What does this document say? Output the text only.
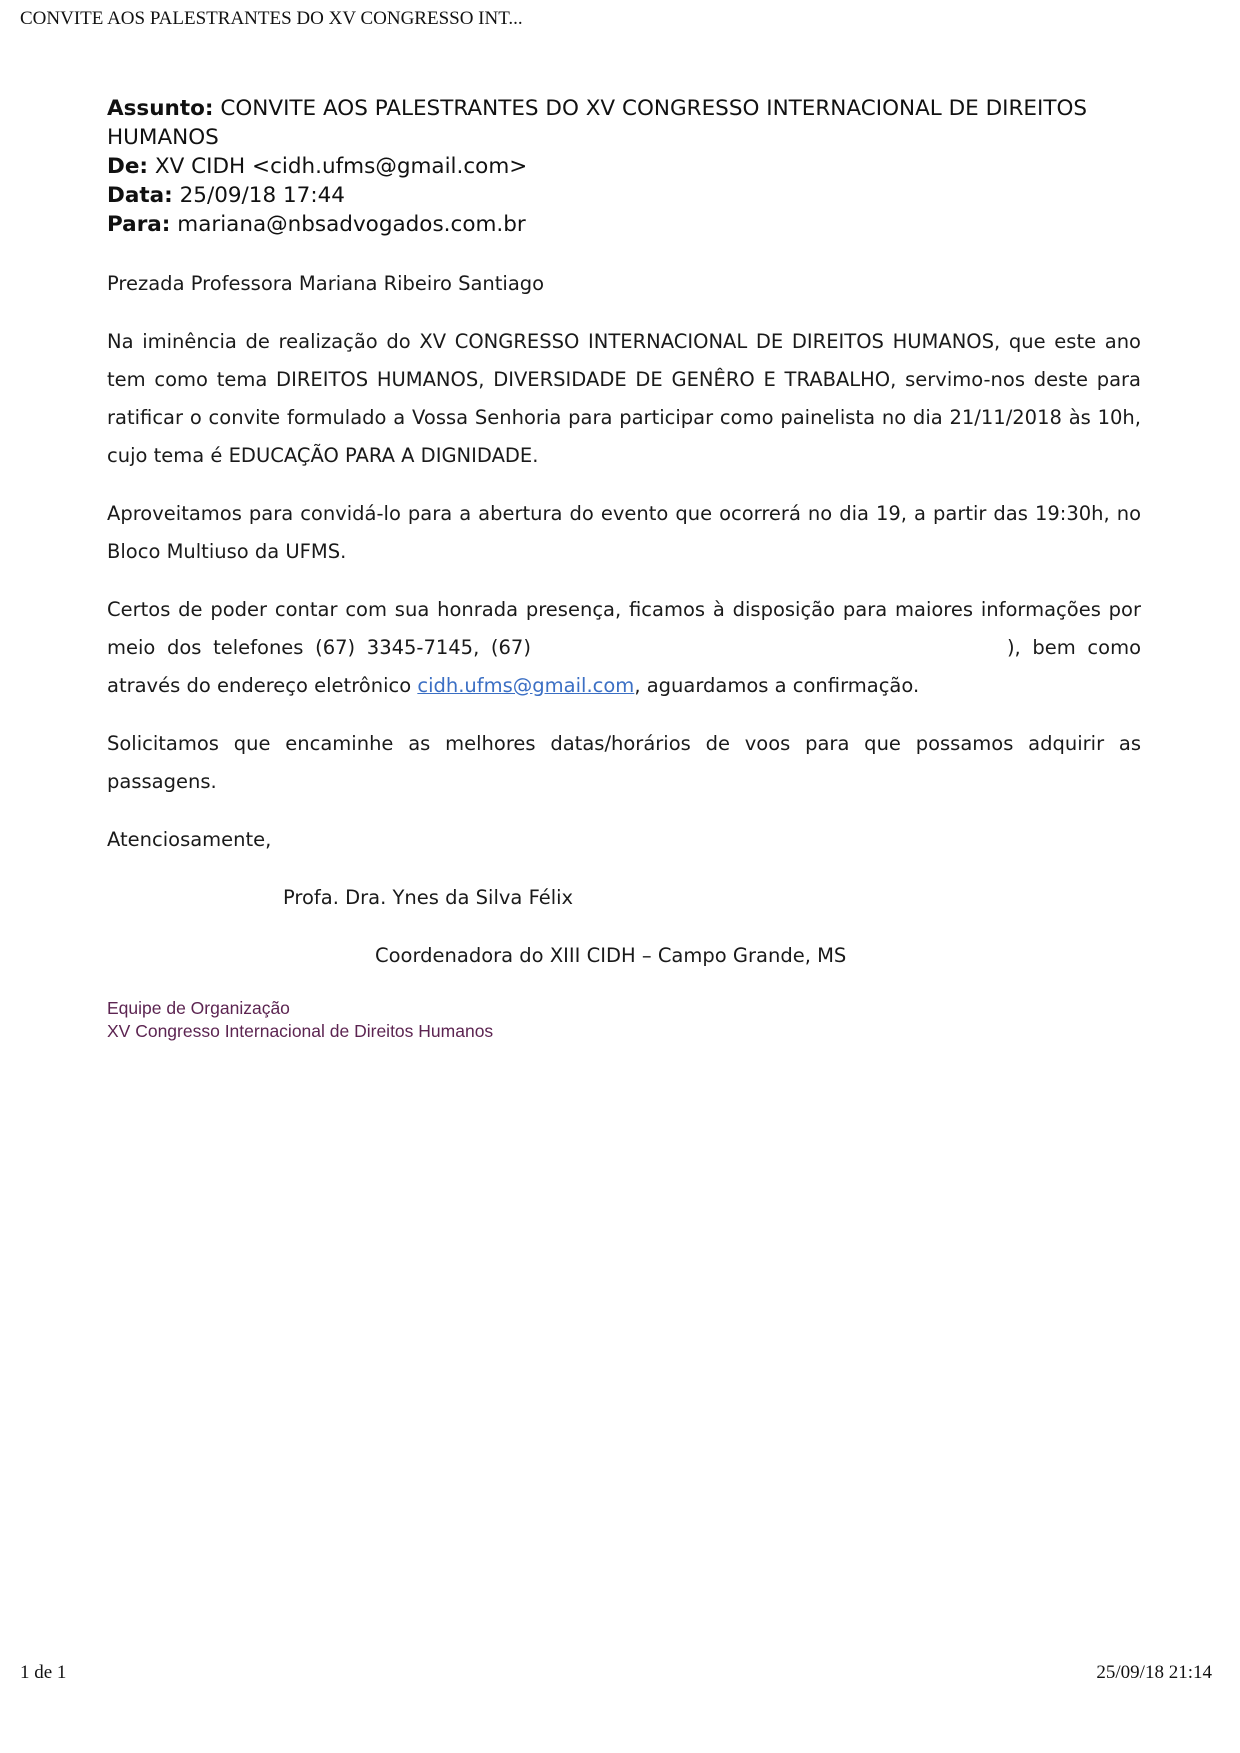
CONVITE AOS PALESTRANTES DO XV CONGRESSO INT...
Assunto: CONVITE AOS PALESTRANTES DO XV CONGRESSO INTERNACIONAL DE DIREITOS HUMANOS
De: XV CIDH <cidh.ufms@gmail.com>
Data: 25/09/18 17:44
Para: mariana@nbsadvogados.com.br
Prezada Professora Mariana Ribeiro Santiago
Na iminência de realização do XV CONGRESSO INTERNACIONAL DE DIREITOS HUMANOS, que este ano tem como tema DIREITOS HUMANOS, DIVERSIDADE DE GENÊRO E TRABALHO, servimo-nos deste para ratificar o convite formulado a Vossa Senhoria para participar como painelista no dia 21/11/2018 às 10h, cujo tema é EDUCAÇÃO PARA A DIGNIDADE.
Aproveitamos para convidá-lo para a abertura do evento que ocorrerá no dia 19, a partir das 19:30h, no Bloco Multiuso da UFMS.
Certos de poder contar com sua honrada presença, ficamos à disposição para maiores informações por meio dos telefones (67) 3345-7145, (67)	), bem como através do endereço eletrônico cidh.ufms@gmail.com, aguardamos a confirmação.
Solicitamos que encaminhe as melhores datas/horários de voos para que possamos adquirir as passagens.
Atenciosamente,
Profa. Dra. Ynes da Silva Félix
Coordenadora do XIII CIDH – Campo Grande, MS
Equipe de Organização
XV Congresso Internacional de Direitos Humanos
1 de 1	25/09/18 21:14
